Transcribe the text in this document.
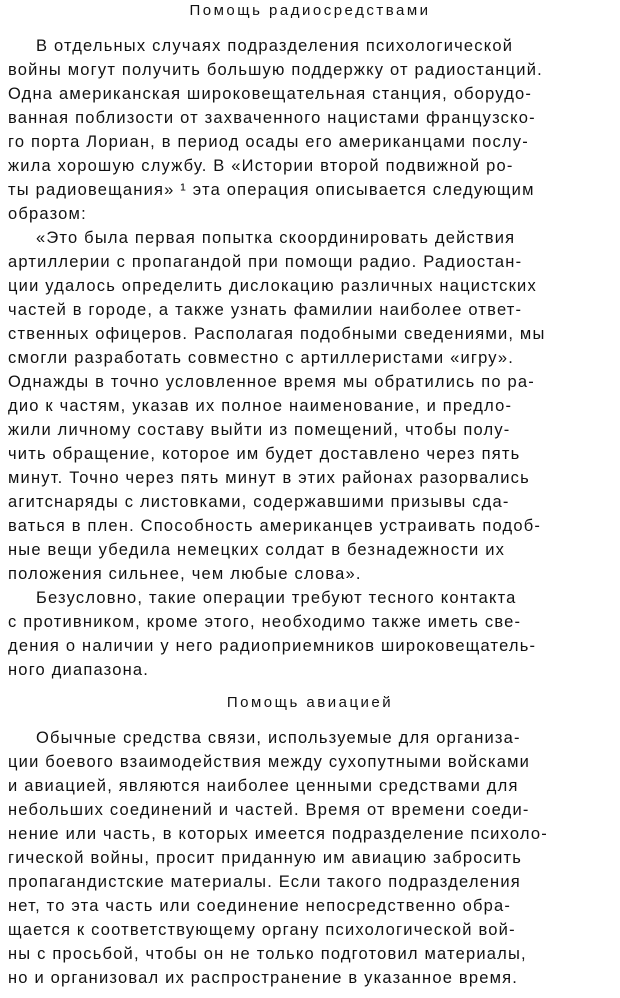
Помощь радиосредствами
В отдельных случаях подразделения психологической
войны могут получить большую поддержку от радиостанций.
Одна американская широковещательная станция, оборудо-
ванная поблизости от захваченного нацистами французско-
го порта Лориан, в период осады его американцами послу-
жила хорошую службу. В «Истории второй подвижной ро-
ты радиовещания» ¹ эта операция описывается следующим
образом:
«Это была первая попытка скоординировать действия
артиллерии с пропагандой при помощи радио. Радиостан-
ции удалось определить дислокацию различных нацистских
частей в городе, а также узнать фамилии наиболее ответ-
ственных офицеров. Располагая подобными сведениями, мы
смогли разработать совместно с артиллеристами «игру».
Однажды в точно условленное время мы обратились по ра-
дио к частям, указав их полное наименование, и предло-
жили личному составу выйти из помещений, чтобы полу-
чить обращение, которое им будет доставлено через пять
минут. Точно через пять минут в этих районах разорвались
агитснаряды с листовками, содержавшими призывы сда-
ваться в плен. Способность американцев устраивать подоб-
ные вещи убедила немецких солдат в безнадежности их
положения сильнее, чем любые слова».
Безусловно, такие операции требуют тесного контакта
с противником, кроме этого, необходимо также иметь све-
дения о наличии у него радиоприемников широковещатель-
ного диапазона.
Помощь авиацией
Обычные средства связи, используемые для организа-
ции боевого взаимодействия между сухопутными войсками
и авиацией, являются наиболее ценными средствами для
небольших соединений и частей. Время от времени соеди-
нение или часть, в которых имеется подразделение психоло-
гической войны, просит приданную им авиацию забросить
пропагандистские материалы. Если такого подразделения
нет, то эта часть или соединение непосредственно обра-
щается к соответствующему органу психологической вой-
ны с просьбой, чтобы он не только подготовил материалы,
но и организовал их распространение в указанное время.
